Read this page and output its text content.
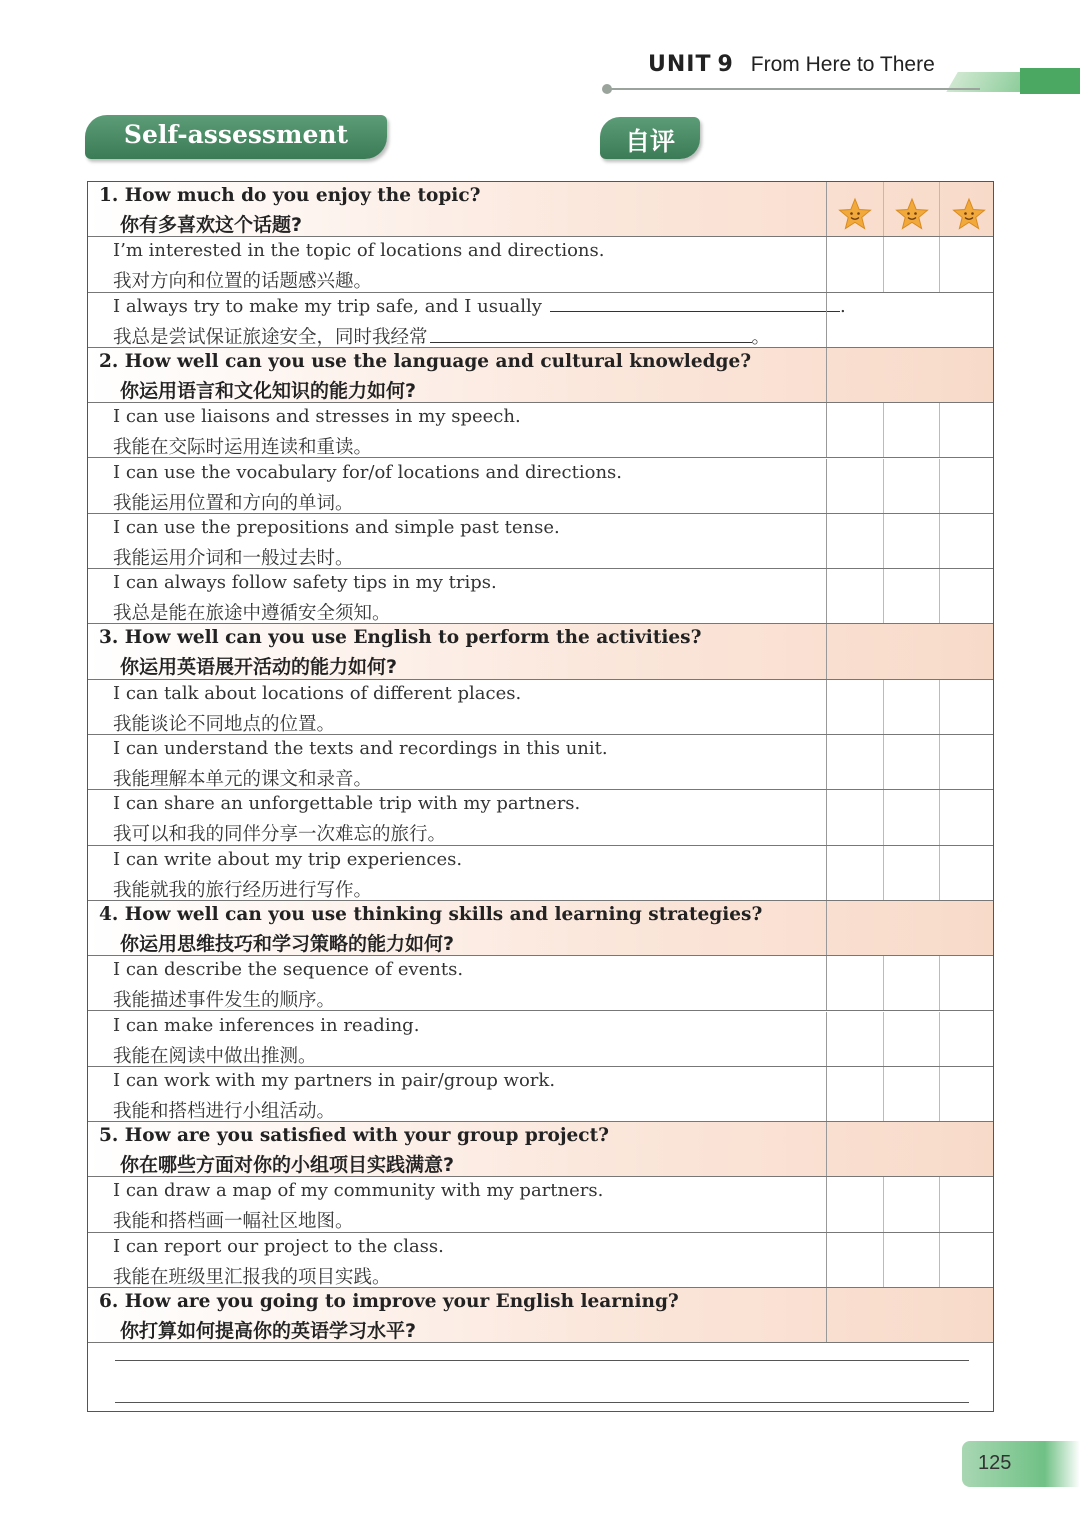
UNIT 9 From Here to There
Self-assessment	自评
1. How much do you enjoy the topic?
你有多喜欢这个话题?
I’m interested in the topic of locations and directions.
我对方向和位置的话题感兴趣。
I always try to make my trip safe, and I usually	.
我总是尝试保证旅途安全，同时我经常	。
2. How well can you use the language and cultural knowledge?
你运用语言和文化知识的能力如何?
I can use liaisons and stresses in my speech.
我能在交际时运用连读和重读。
I can use the vocabulary for/of locations and directions.
我能运用位置和方向的单词。
I can use the prepositions and simple past tense.
我能运用介词和一般过去时。
I can always follow safety tips in my trips.
我总是能在旅途中遵循安全须知。
3. How well can you use English to perform the activities?
你运用英语展开活动的能力如何?
I can talk about locations of different places.
我能谈论不同地点的位置。
I can understand the texts and recordings in this unit.
我能理解本单元的课文和录音。
I can share an unforgettable trip with my partners.
我可以和我的同伴分享一次难忘的旅行。
I can write about my trip experiences.
我能就我的旅行经历进行写作。
4. How well can you use thinking skills and learning strategies?
你运用思维技巧和学习策略的能力如何?
I can describe the sequence of events.
我能描述事件发生的顺序。
I can make inferences in reading.
我能在阅读中做出推测。
I can work with my partners in pair/group work.
我能和搭档进行小组活动。
5. How are you satisfied with your group project?
你在哪些方面对你的小组项目实践满意?
I can draw a map of my community with my partners.
我能和搭档画一幅社区地图。
I can report our project to the class.
我能在班级里汇报我的项目实践。
6. How are you going to improve your English learning?
你打算如何提高你的英语学习水平?
125
